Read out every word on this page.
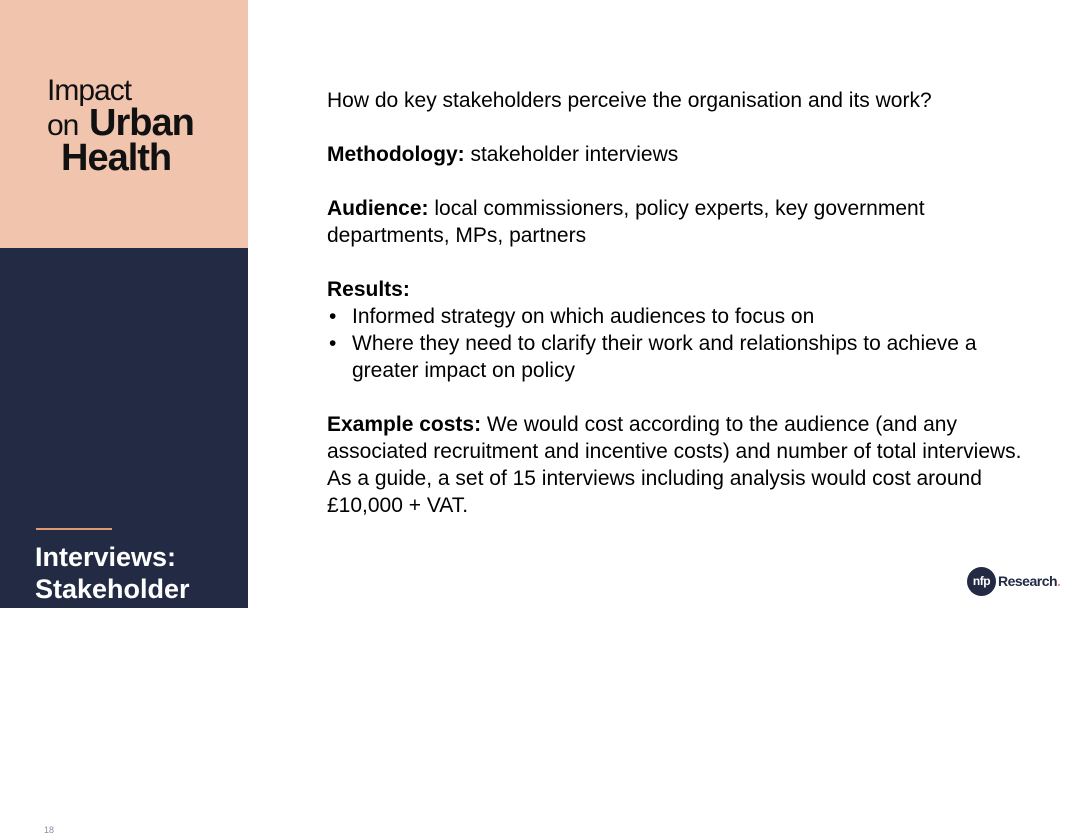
Impact
on Urban
Health
Interviews: Stakeholder perception audit
18

How do key stakeholders perceive the organisation and its work?

Methodology: stakeholder interviews

Audience: local commissioners, policy experts, key government departments, MPs, partners

Results:

• Informed strategy on which audiences to focus on
• Where they need to clarify their work and relationships to achieve a greater impact on policy

Example costs: We would cost according to the audience (and any associated recruitment and incentive costs) and number of total interviews. As a guide, a set of 15 interviews including analysis would cost around £10,000 + VAT.

nfp Research.
